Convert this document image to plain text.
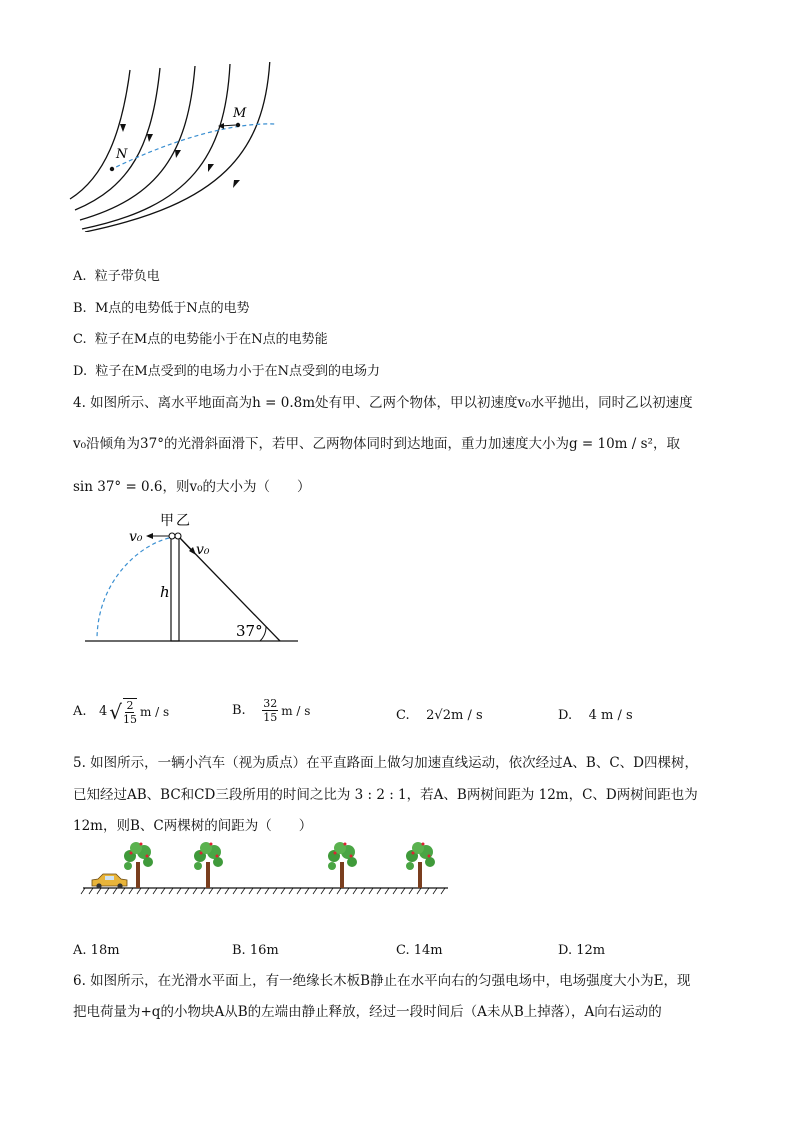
M
N
A. 粒子带负电
B. M点的电势低于N点的电势
C. 粒子在M点的电势能小于在N点的电势能
D. 粒子在M点受到的电场力小于在N点受到的电场力
4. 如图所示、离水平地面高为h = 0.8m处有甲、乙两个物体，甲以初速度v₀水平抛出，同时乙以初速度
v₀沿倾角为37°的光滑斜面滑下，若甲、乙两物体同时到达地面，重力加速度大小为g = 10m / s²，取
sin 37° = 0.6，则v₀的大小为（　　）
甲 乙
v₀
v₀
h
37°
A.
4 √ $\frac{2}{15}$ m / s	B.
$\frac{32}{15}$ m / s	C. 2√2m / s	D. 4 m / s
5. 如图所示，一辆小汽车（视为质点）在平直路面上做匀加速直线运动，依次经过A、B、C、D四棵树，
已知经过AB、BC和CD三段所用的时间之比为 3 : 2 : 1，若A、B两树间距为 12m，C、D两树间距也为
12m，则B、C两棵树的间距为（　　）
A. 18m	B. 16m	C. 14m	D. 12m
6. 如图所示，在光滑水平面上，有一绝缘长木板B静止在水平向右的匀强电场中，电场强度大小为E，现
把电荷量为+q的小物块A从B的左端由静止释放，经过一段时间后（A未从B上掉落），A向右运动的
